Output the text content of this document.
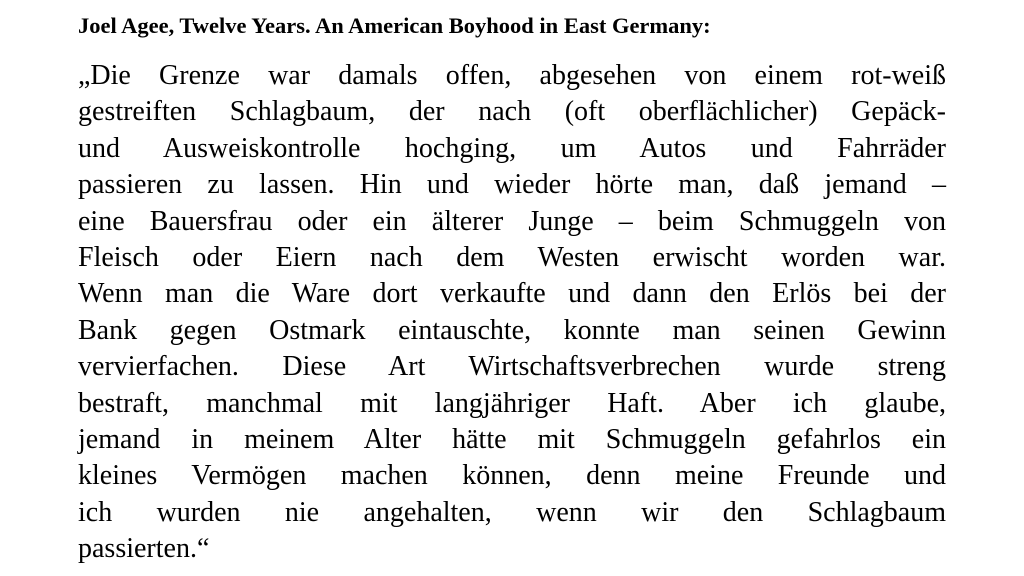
Joel Agee, Twelve Years. An American Boyhood in East Germany:
„Die Grenze war damals offen, abgesehen von einem rot-weiß
gestreiften Schlagbaum, der nach (oft oberflächlicher) Gepäck-
und Ausweiskontrolle hochging, um Autos und Fahrräder
passieren zu lassen. Hin und wieder hörte man, daß jemand –
eine Bauersfrau oder ein älterer Junge – beim Schmuggeln von
Fleisch oder Eiern nach dem Westen erwischt worden war.
Wenn man die Ware dort verkaufte und dann den Erlös bei der
Bank gegen Ostmark eintauschte, konnte man seinen Gewinn
vervierfachen. Diese Art Wirtschaftsverbrechen wurde streng
bestraft, manchmal mit langjähriger Haft. Aber ich glaube,
jemand in meinem Alter hätte mit Schmuggeln gefahrlos ein
kleines Vermögen machen können, denn meine Freunde und
ich wurden nie angehalten, wenn wir den Schlagbaum
passierten.“
